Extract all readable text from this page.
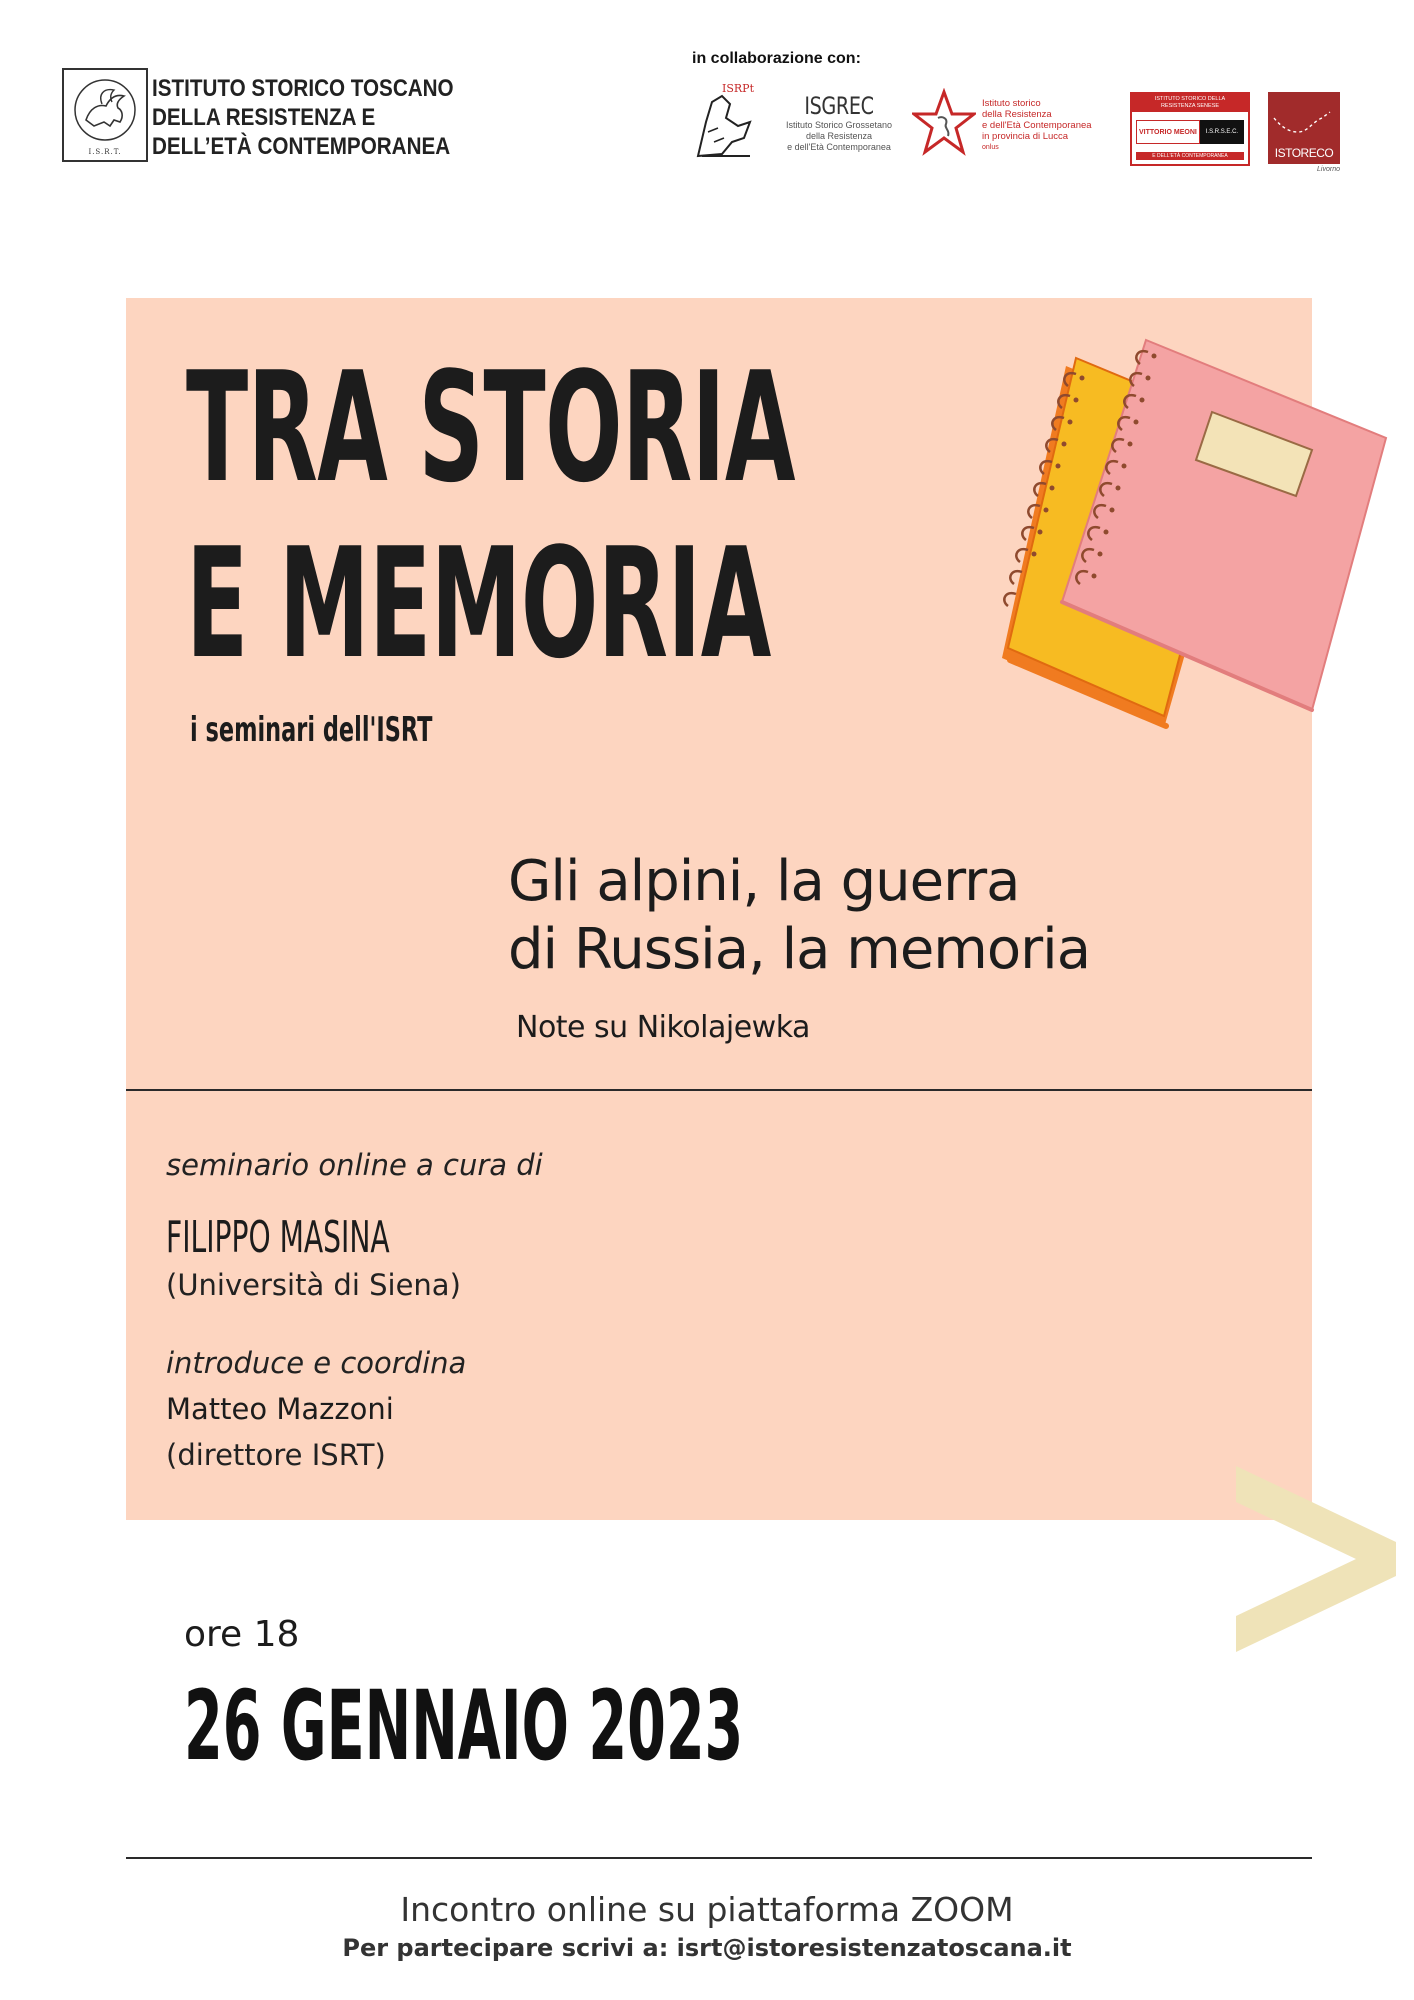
I.S.R.T.
ISTITUTO STORICO TOSCANO
DELLA RESISTENZA E
DELL’ETÀ CONTEMPORANEA
in collaborazione con:
ISRPt
ISGREC
Istituto Storico Grossetano
della Resistenza
e dell'Età Contemporanea
Istituto storico
della Resistenza
e dell'Età Contemporanea
in provincia di Lucca
onlus
ISTITUTO STORICO DELLA
RESISTENZA SENESE
VITTORIO MEONI	I.S.R.S.E.C.
E DELL'ETÀ CONTEMPORANEA	ISTORECO
Livorno
TRA STORIA
E MEMORIA
i seminari dell'ISRT
Gli alpini, la guerra
di Russia, la memoria
Note su Nikolajewka
seminario online a cura di
FILIPPO MASINA
(Università di Siena)
introduce e coordina
Matteo Mazzoni
(direttore ISRT)
ore 18
26 GENNAIO 2023
Incontro online su piattaforma ZOOM
Per partecipare scrivi a: isrt@istoresistenzatoscana.it
